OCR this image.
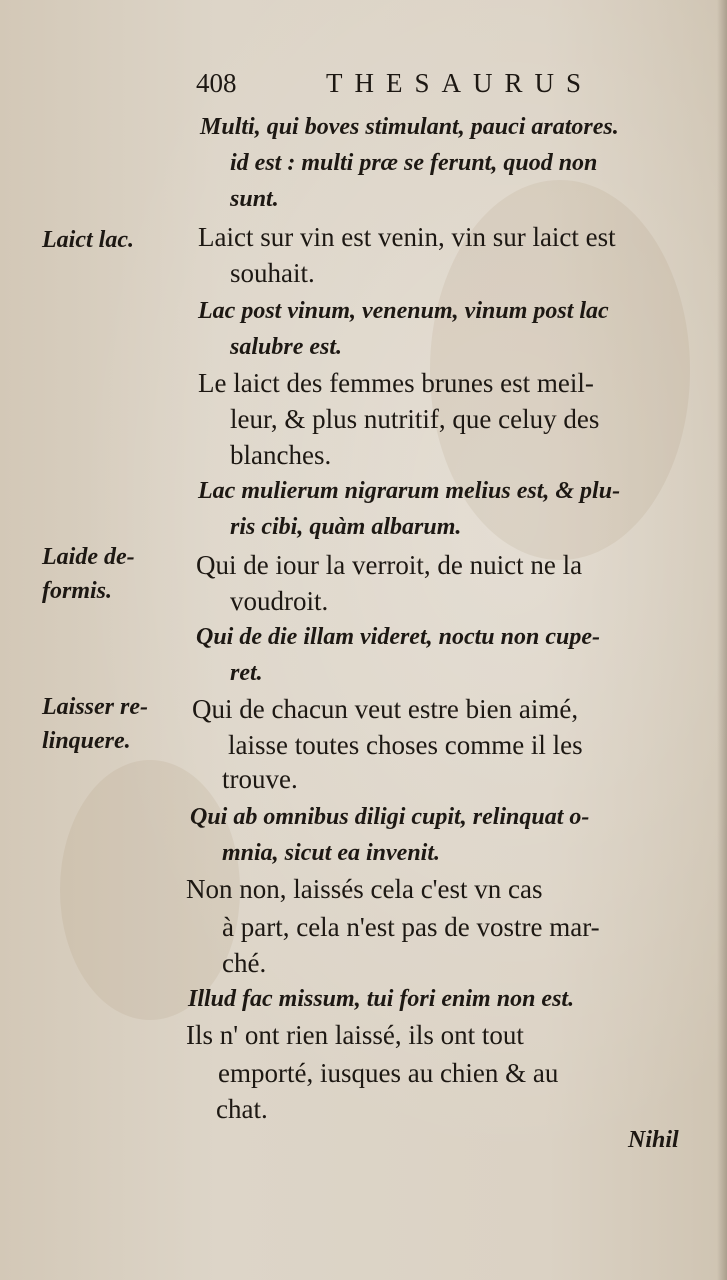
408	THESAURUS
Laict lac.
Laide de-
formis.
Laisser re-
linquere.
Multi, qui boves stimulant, pauci aratores.
id est : multi præ se ferunt, quod non
sunt.
Laict sur vin est venin, vin sur laict est
souhait.
Lac post vinum, venenum, vinum post lac
salubre est.
Le laict des femmes brunes est meil-
leur, & plus nutritif, que celuy des
blanches.
Lac mulierum nigrarum melius est, & plu-
ris cibi, quàm albarum.
Qui de iour la verroit, de nuict ne la
voudroit.
Qui de die illam videret, noctu non cupe-
ret.
Qui de chacun veut estre bien aimé,
laisse toutes choses comme il les
trouve.
Qui ab omnibus diligi cupit, relinquat o-
mnia, sicut ea invenit.
Non non, laissés cela c'est vn cas
à part, cela n'est pas de vostre mar-
ché.
Illud fac missum, tui fori enim non est.
Ils n' ont rien laissé, ils ont tout
emporté, iusques au chien & au
chat.
Nihil
